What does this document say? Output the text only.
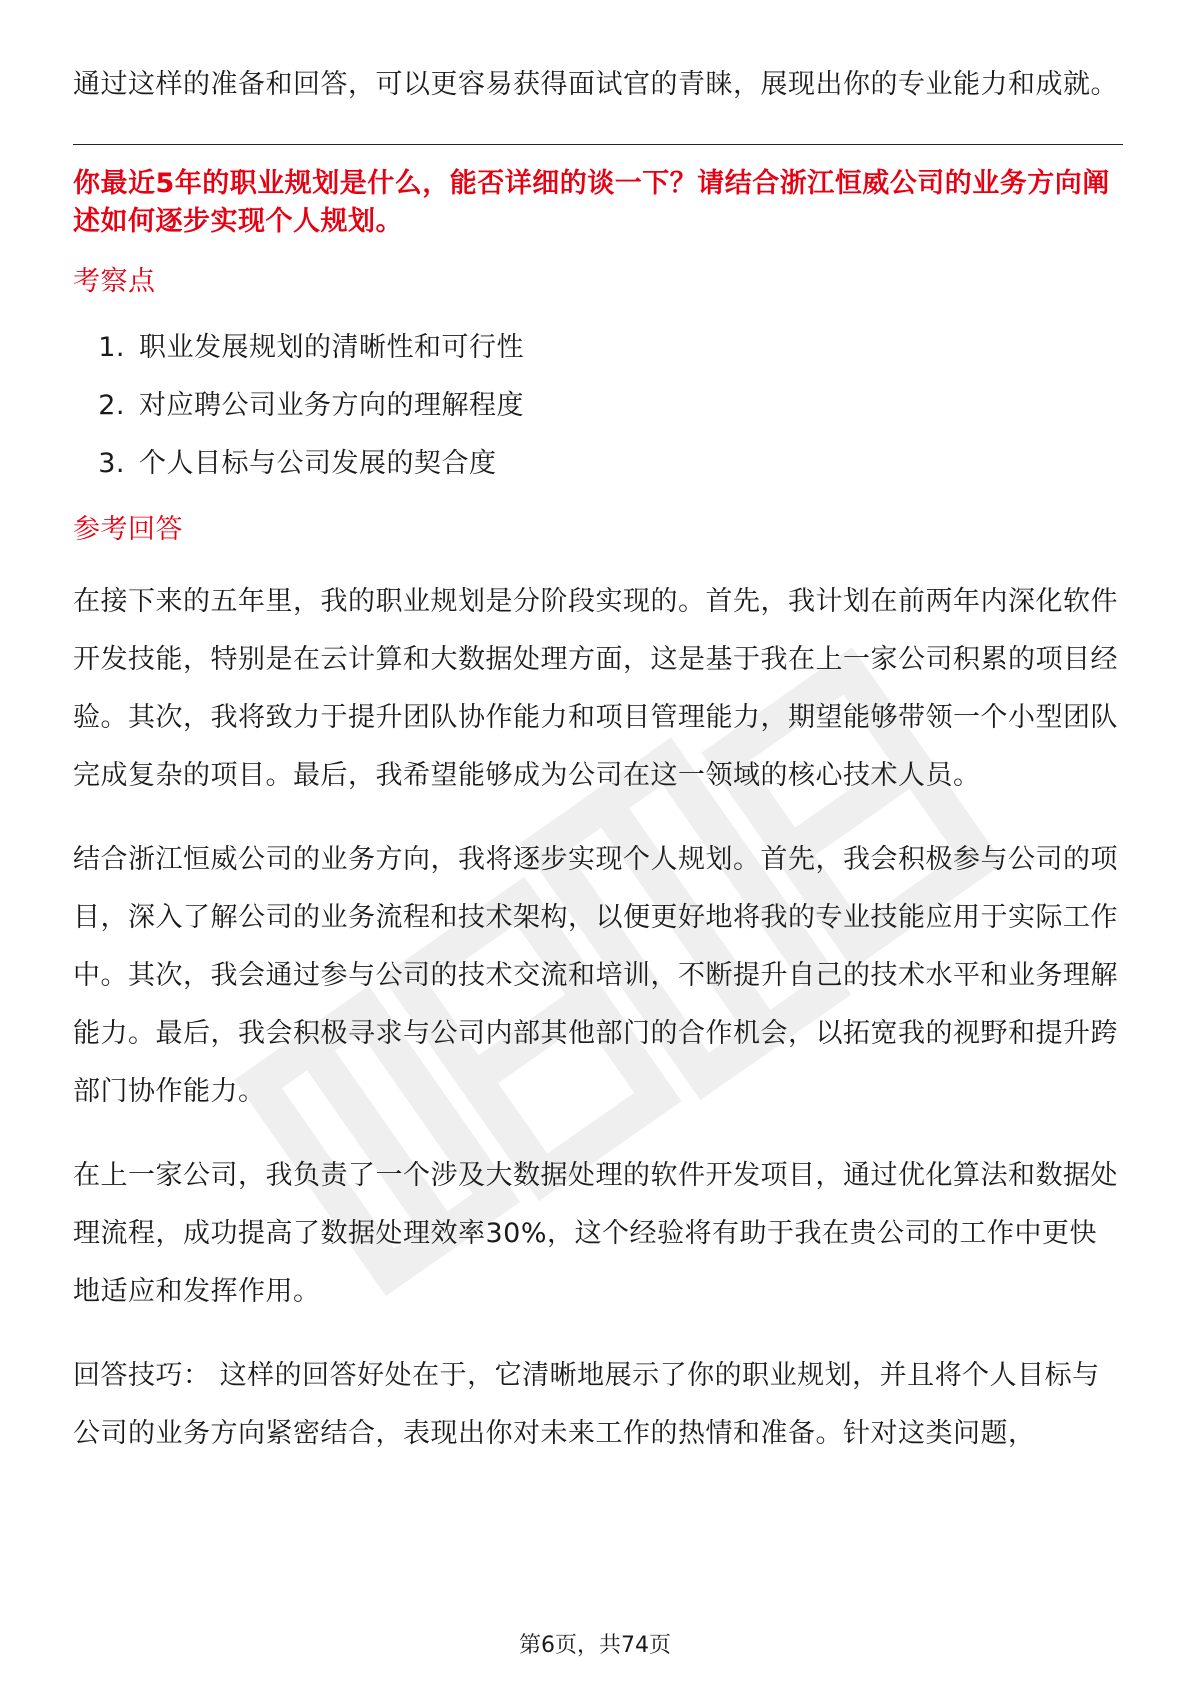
通过这样的准备和回答，可以更容易获得面试官的青睐，展现出你的专业能力和成就。

你最近5年的职业规划是什么，能否详细的谈一下？请结合浙江恒威公司的业务方向阐述如何逐步实现个人规划。
考察点
1. 职业发展规划的清晰性和可行性
2. 对应聘公司业务方向的理解程度
3. 个人目标与公司发展的契合度
参考回答

在接下来的五年里，我的职业规划是分阶段实现的。首先，我计划在前两年内深化软件开发技能，特别是在云计算和大数据处理方面，这是基于我在上一家公司积累的项目经验。其次，我将致力于提升团队协作能力和项目管理能力，期望能够带领一个小型团队完成复杂的项目。最后，我希望能够成为公司在这一领域的核心技术人员。

结合浙江恒威公司的业务方向，我将逐步实现个人规划。首先，我会积极参与公司的项目，深入了解公司的业务流程和技术架构，以便更好地将我的专业技能应用于实际工作中。其次，我会通过参与公司的技术交流和培训，不断提升自己的技术水平和业务理解能力。最后，我会积极寻求与公司内部其他部门的合作机会，以拓宽我的视野和提升跨部门协作能力。

在上一家公司，我负责了一个涉及大数据处理的软件开发项目，通过优化算法和数据处理流程，成功提高了数据处理效率30%，这个经验将有助于我在贵公司的工作中更快地适应和发挥作用。

回答技巧： 这样的回答好处在于，它清晰地展示了你的职业规划，并且将个人目标与公司的业务方向紧密结合，表现出你对未来工作的热情和准备。针对这类问题，

第6页，共74页
